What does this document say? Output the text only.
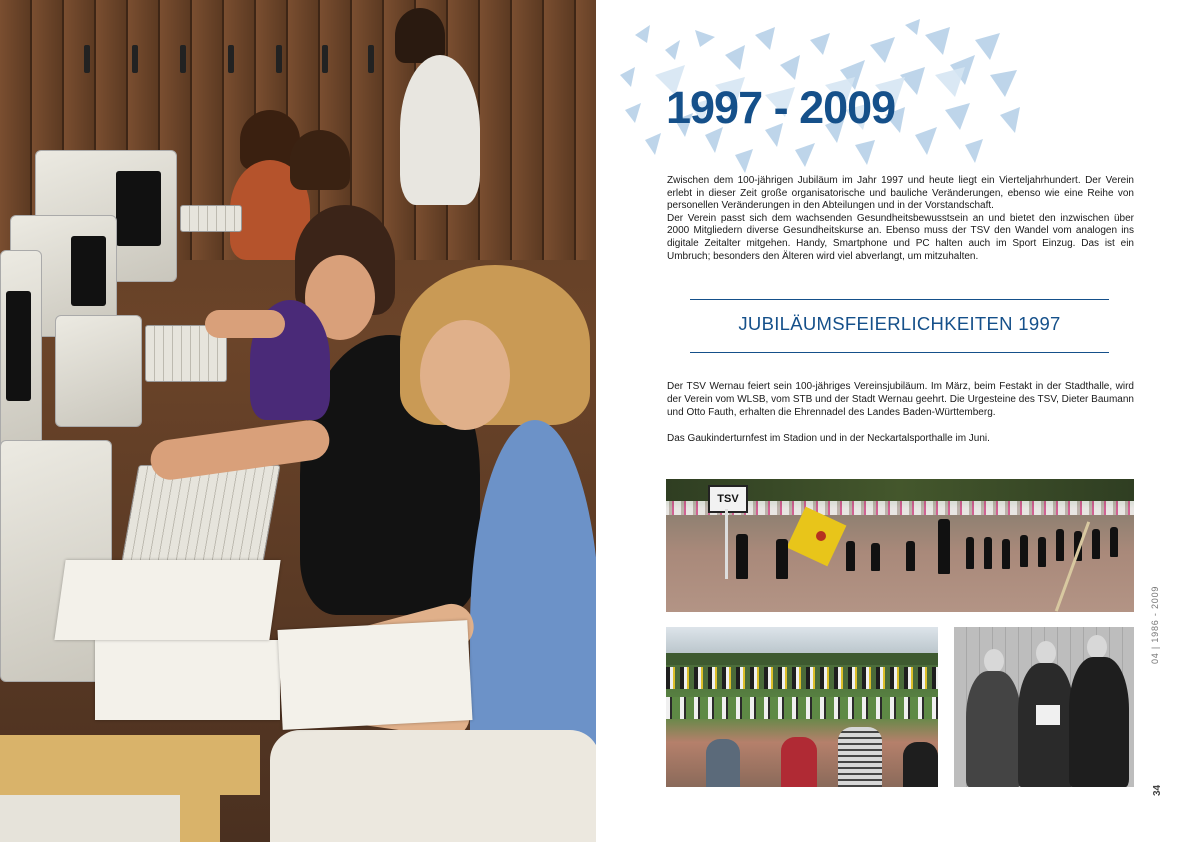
1997 - 2009

Zwischen dem 100-jährigen Jubiläum im Jahr 1997 und heute liegt ein Vierteljahrhundert. Der Verein erlebt in dieser Zeit große organisatorische und bauliche Veränderungen, ebenso wie eine Reihe von personellen Veränderungen in den Abteilungen und in der Vorstandschaft.

Der Verein passt sich dem wachsenden Gesundheitsbewusstsein an und bietet den inzwischen über 2000 Mitgliedern diverse Gesundheitskurse an. Ebenso muss der TSV den Wandel vom analogen ins digitale Zeitalter mitgehen. Handy, Smartphone und PC halten auch im Sport Einzug. Das ist ein Umbruch; besonders den Älteren wird viel abverlangt, um mitzuhalten.

JUBILÄUMSFEIERLICHKEITEN 1997

Der TSV Wernau feiert sein 100-jähriges Vereinsjubiläum. Im März, beim Festakt in der Stadthalle, wird der Verein vom WLSB, vom STB und der Stadt Wernau geehrt. Die Urgesteine des TSV, Dieter Baumann und Otto Fauth, erhalten die Ehrennadel des Landes Baden-Württemberg.

Das Gaukinderturnfest im Stadion und in der Neckartalsporthalle im Juni.

TSV

04 | 1986 - 2009

34
